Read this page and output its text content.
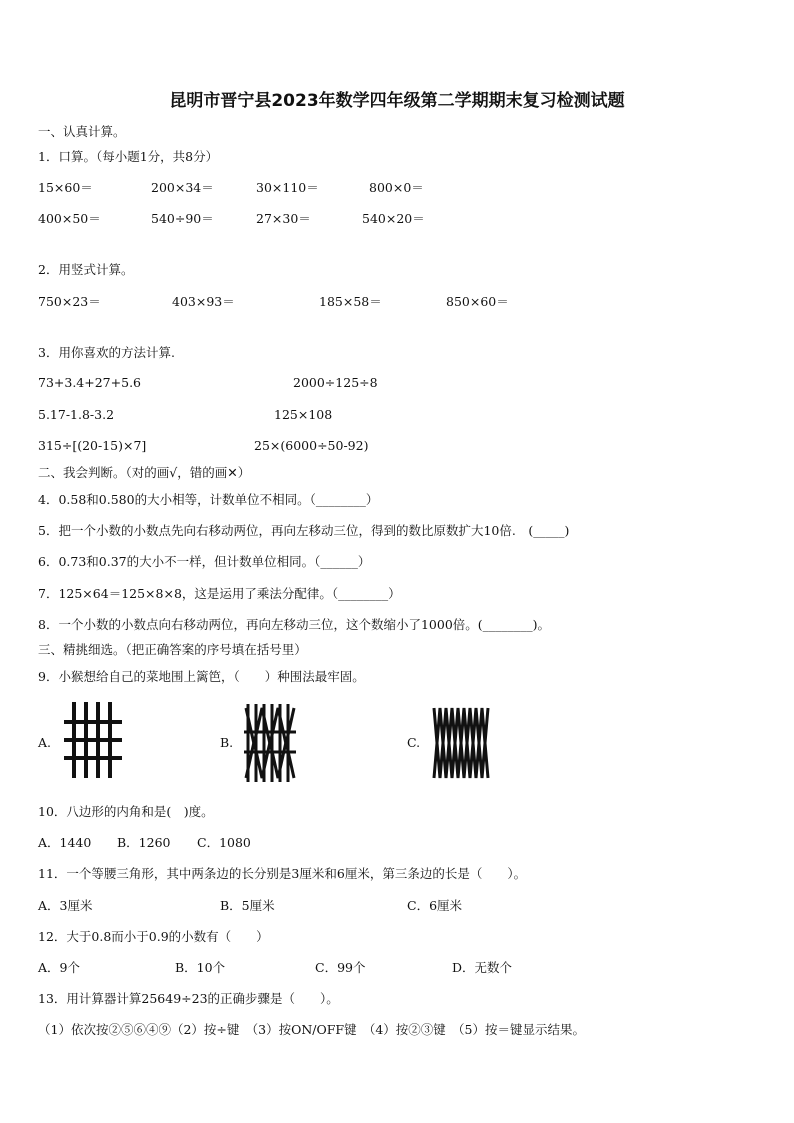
昆明市晋宁县2023年数学四年级第二学期期末复习检测试题
一、认真计算。
1．口算。（每小题1分，共8分）
15×60＝	200×34＝	30×110＝	800×0＝
400×50＝	540÷90＝	27×30＝	540×20＝
2．用竖式计算。
750×23＝	403×93＝	185×58＝	850×60＝
3．用你喜欢的方法计算.
73+3.4+27+5.6	2000÷125÷8
5.17-1.8-3.2	125×108
315÷[(20-15)×7]	25×(6000÷50-92)
二、我会判断。（对的画√，错的画✕）
4．0.58和0.580的大小相等，计数单位不相同。（________）
5．把一个小数的小数点先向右移动两位，再向左移动三位，得到的数比原数扩大10倍.　(_____)
6．0.73和0.37的大小不一样，但计数单位相同。（______）
7．125×64＝125×8×8，这是运用了乘法分配律。（________）
8．一个小数的小数点向右移动两位，再向左移动三位，这个数缩小了1000倍。(________)。
三、精挑细选。（把正确答案的序号填在括号里）
9．小猴想给自己的菜地围上篱笆，（　　）种围法最牢固。
A.	B.	C.
10．八边形的内角和是(　)度。
A．1440 B．1260 C．1080
11．一个等腰三角形，其中两条边的长分别是3厘米和6厘米，第三条边的长是（　　）。
A．3厘米	B．5厘米	C．6厘米
12．大于0.8而小于0.9的小数有（　　）
A．9个	B．10个	C．99个	D．无数个
13．用计算器计算25649÷23的正确步骤是（　　）。
（1）依次按②⑤⑥④⑨（2）按÷键　（3）按ON/OFF键　（4）按②③键　（5）按＝键显示结果。
